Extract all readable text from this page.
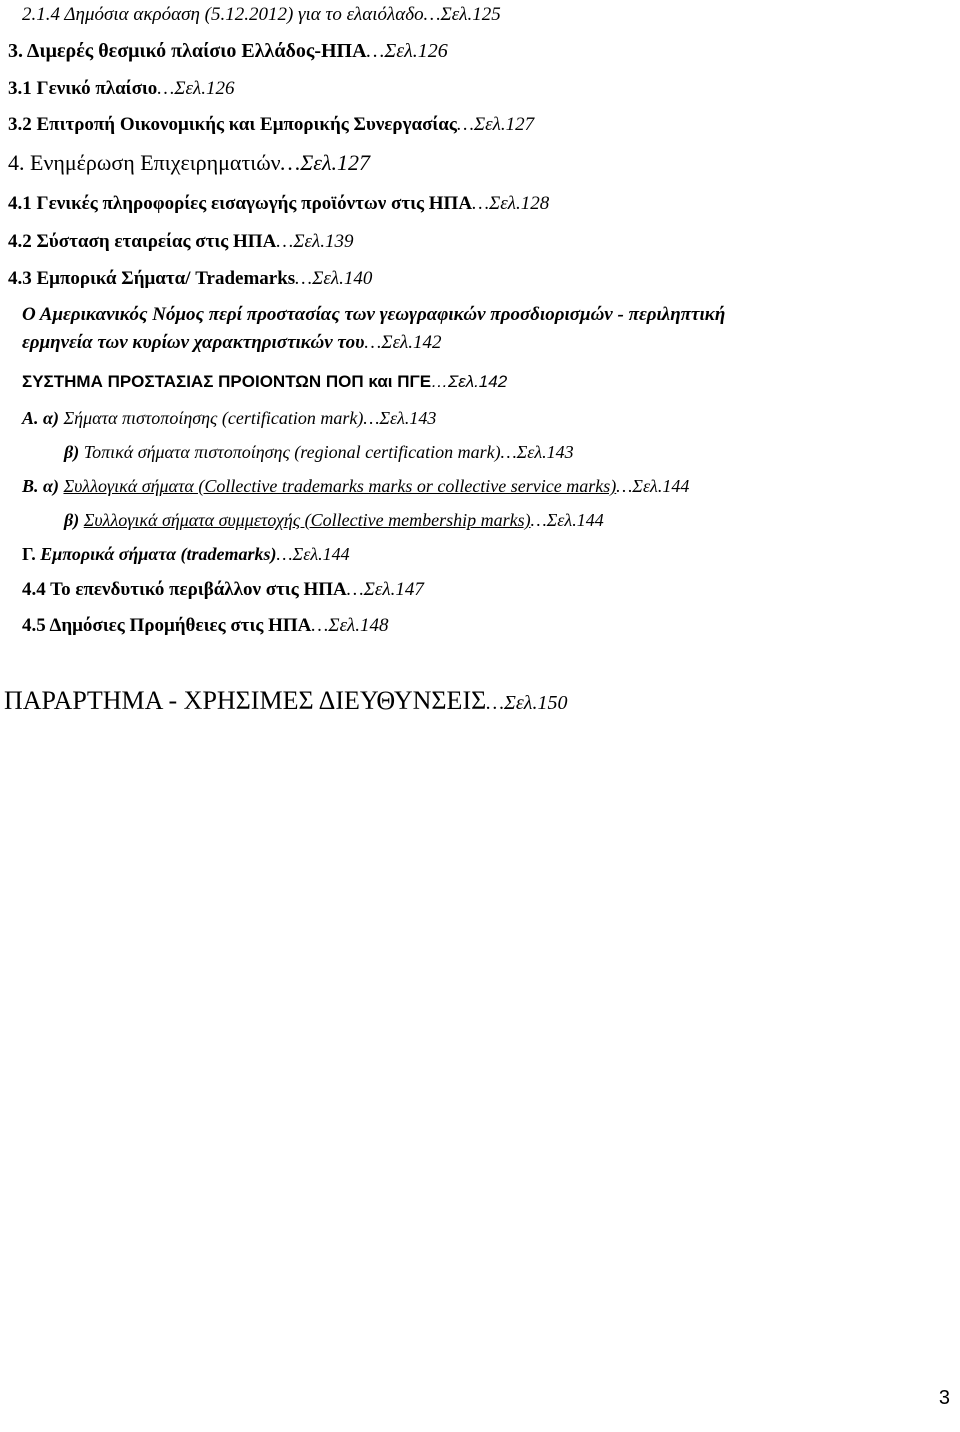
2.1.4 Δημόσια ακρόαση (5.12.2012) για το ελαιόλαδο…Σελ.125
3. Διμερές θεσμικό πλαίσιο Ελλάδος-ΗΠΑ…Σελ.126
3.1 Γενικό πλαίσιο…Σελ.126
3.2 Επιτροπή Οικονομικής και Εμπορικής Συνεργασίας…Σελ.127
4. Ενημέρωση Επιχειρηματιών…Σελ.127
4.1 Γενικές πληροφορίες εισαγωγής προϊόντων στις ΗΠΑ…Σελ.128
4.2 Σύσταση εταιρείας στις ΗΠΑ…Σελ.139
4.3 Εμπορικά Σήματα/ Trademarks…Σελ.140
Ο Αμερικανικός Νόμος περί προστασίας των γεωγραφικών προσδιορισμών - περιληπτική
ερμηνεία των κυρίων χαρακτηριστικών του…Σελ.142
ΣΥΣΤΗΜΑ ΠΡΟΣΤΑΣΙΑΣ ΠΡΟΙΟΝΤΩΝ ΠΟΠ και ΠΓΕ…Σελ.142
Α. α) Σήματα πιστοποίησης (certification mark)…Σελ.143
β) Τοπικά σήματα πιστοποίησης (regional certification mark)…Σελ.143
Β. α) Συλλογικά σήματα (Collective trademarks marks or collective service marks)…Σελ.144
β) Συλλογικά σήματα συμμετοχής (Collective membership marks)…Σελ.144
Γ. Εμπορικά σήματα (trademarks)…Σελ.144
4.4 Το επενδυτικό περιβάλλον στις ΗΠΑ…Σελ.147
4.5 Δημόσιες Προμήθειες στις ΗΠΑ…Σελ.148
ΠΑΡΑΡΤΗΜΑ - ΧΡΗΣΙΜΕΣ ΔΙΕΥΘΥΝΣΕΙΣ…Σελ.150
3
